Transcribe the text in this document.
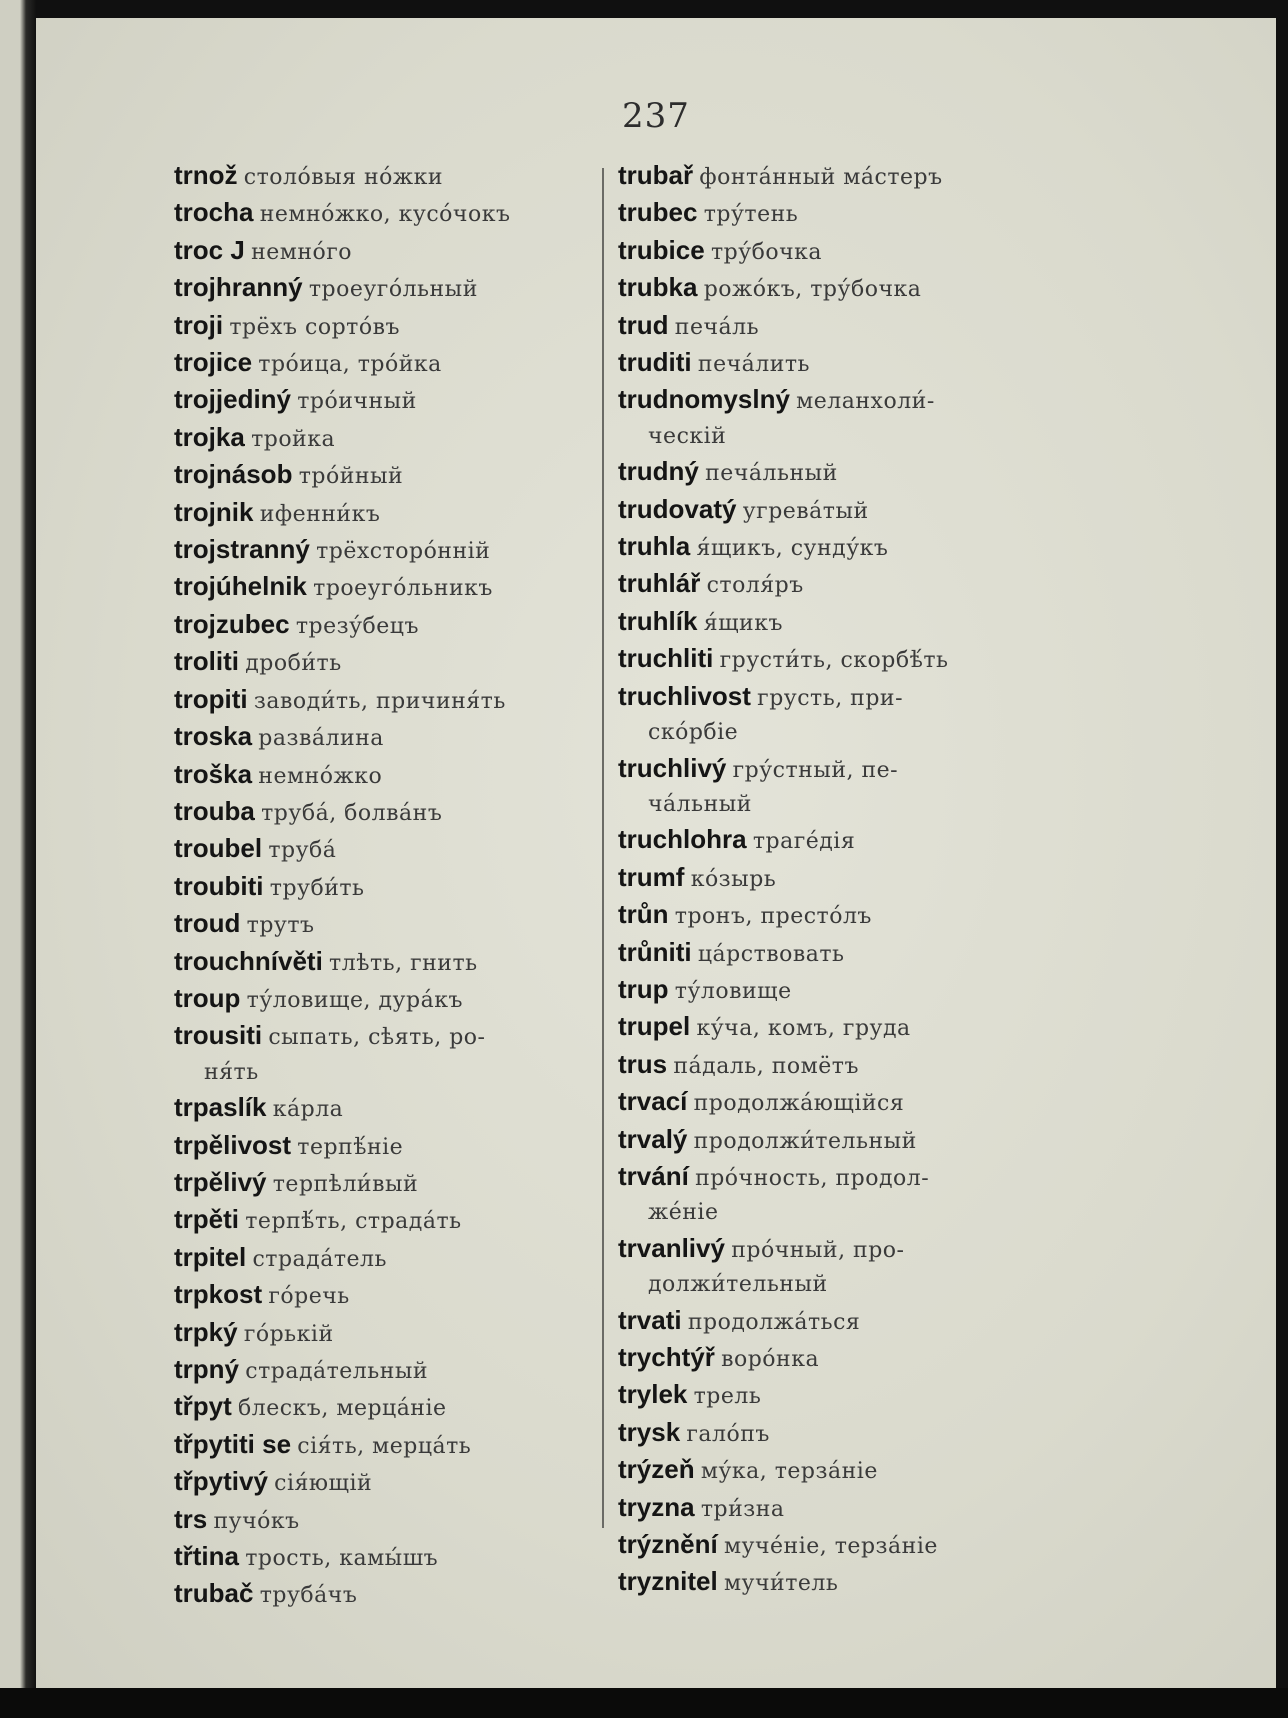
237
trnož столо́выя но́жки
trocha немно́жко, кусо́чокъ
troc J немно́го
trojhranný троеуго́льный
troji трёхъ сорто́въ
trojice тро́ица, тро́йка
trojjediný тро́ичный
trojka тройка
trojnásob тро́йный
trojnik ифенни́къ
trojstranný трёхсторо́нній
trojúhelnik троеуго́льникъ
trojzubec трезу́бецъ
troliti дроби́ть
tropiti заводи́ть, причиня́ть
troska разва́лина
troška немно́жко
trouba труба́, болва́нъ
troubel труба́
troubiti труби́ть
troud трутъ
trouchnívěti тлѣть, гнить
troup ту́ловище, дура́къ
trousiti сыпать, сѣять, ро-
ня́ть
trpaslík ка́рла
trpělivost терпѣ́ніе
trpělivý терпѣли́вый
trpěti терпѣ́ть, страда́ть
trpitel страда́тель
trpkost го́речь
trpký го́рькій
trpný страда́тельный
třpyt блескъ, мерца́ніе
třpytiti se сія́ть, мерца́ть
třpytivý сія́ющій
trs пучо́къ
třtina трость, камы́шъ
trubač труба́чъ
trubař фонта́нный ма́стеръ
trubec тру́тень
trubice тру́бочка
trubka рожо́къ, тру́бочка
trud печа́ль
truditi печа́лить
trudnomyslný меланхоли́-
ческій
trudný печа́льный
trudovatý угрева́тый
truhla я́щикъ, сунду́къ
truhlář столя́ръ
truhlík я́щикъ
truchliti грусти́ть, скорбѣ́ть
truchlivost грусть, при-
ско́рбіе
truchlivý гру́стный, пе-
ча́льный
truchlohra траге́дія
trumf ко́зырь
trůn тронъ, престо́лъ
trůniti ца́рствовать
trup ту́ловище
trupel ку́ча, комъ, груда
trus па́даль, помётъ
trvací продолжа́ющійся
trvalý продолжи́тельный
trvání про́чность, продол-
же́ніе
trvanlivý про́чный, про-
должи́тельный
trvati продолжа́ться
trychtýř воро́нка
trylek трель
trysk гало́пъ
trýzeň му́ка, терза́ніе
tryzna три́зна
trýznění муче́ніе, терза́ніе
tryznitel мучи́тель
